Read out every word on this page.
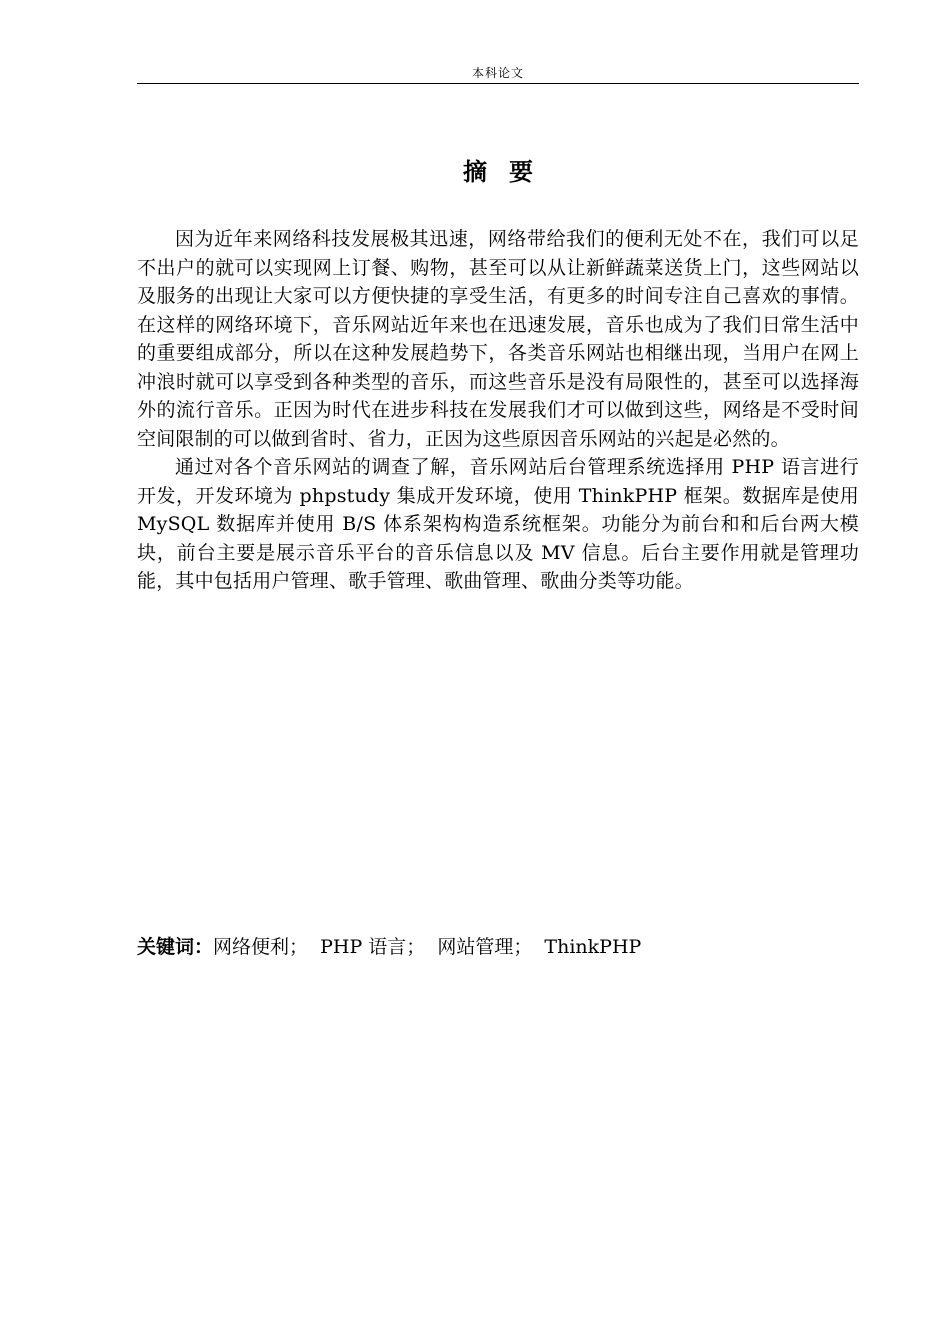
本科论文
摘 要

因为近年来网络科技发展极其迅速，网络带给我们的便利无处不在，我们可以足不出户的就可以实现网上订餐、购物，甚至可以从让新鲜蔬菜送货上门，这些网站以及服务的出现让大家可以方便快捷的享受生活，有更多的时间专注自己喜欢的事情。在这样的网络环境下，音乐网站近年来也在迅速发展，音乐也成为了我们日常生活中的重要组成部分，所以在这种发展趋势下，各类音乐网站也相继出现，当用户在网上冲浪时就可以享受到各种类型的音乐，而这些音乐是没有局限性的，甚至可以选择海外的流行音乐。正因为时代在进步科技在发展我们才可以做到这些，网络是不受时间空间限制的可以做到省时、省力，正因为这些原因音乐网站的兴起是必然的。

通过对各个音乐网站的调查了解，音乐网站后台管理系统选择用 PHP 语言进行开发，开发环境为 phpstudy 集成开发环境，使用 ThinkPHP 框架。数据库是使用 MySQL 数据库并使用 B/S 体系架构构造系统框架。功能分为前台和和后台两大模块，前台主要是展示音乐平台的音乐信息以及 MV 信息。后台主要作用就是管理功能，其中包括用户管理、歌手管理、歌曲管理、歌曲分类等功能。

关键词：网络便利；  PHP 语言；  网站管理；  ThinkPHP
